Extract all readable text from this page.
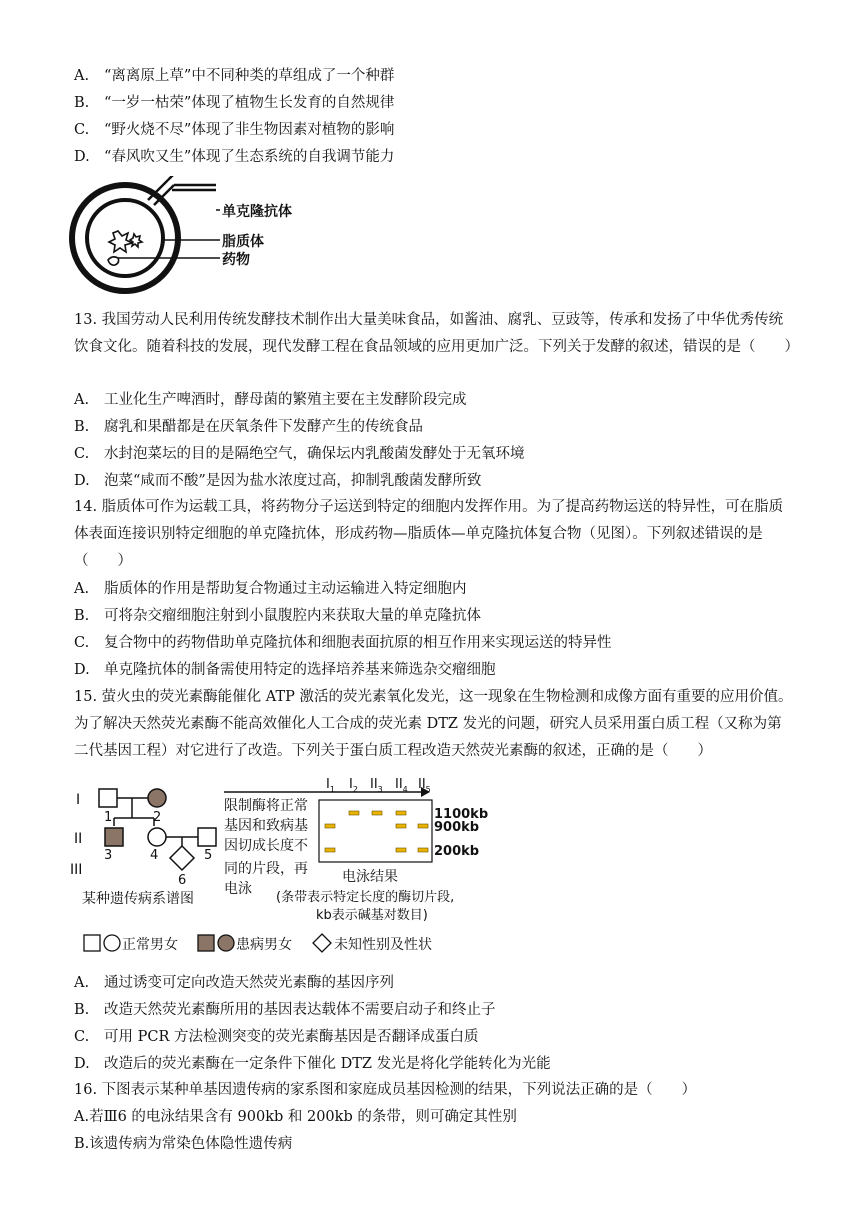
A. “离离原上草”中不同种类的草组成了一个种群
B. “一岁一枯荣”体现了植物生长发育的自然规律
C. “野火烧不尽”体现了非生物因素对植物的影响
D. “春风吹又生”体现了生态系统的自我调节能力
单克隆抗体
脂质体
药物
13. 我国劳动人民利用传统发酵技术制作出大量美味食品，如酱油、腐乳、豆豉等，传承和发扬了中华优秀传统饮食文化。随着科技的发展，现代发酵工程在食品领域的应用更加广泛。下列关于发酵的叙述，错误的是（　　）
A. 工业化生产啤酒时，酵母菌的繁殖主要在主发酵阶段完成
B. 腐乳和果醋都是在厌氧条件下发酵产生的传统食品
C. 水封泡菜坛的目的是隔绝空气，确保坛内乳酸菌发酵处于无氧环境
D. 泡菜“咸而不酸”是因为盐水浓度过高，抑制乳酸菌发酵所致
14. 脂质体可作为运载工具，将药物分子运送到特定的细胞内发挥作用。为了提高药物运送的特异性，可在脂质体表面连接识别特定细胞的单克隆抗体，形成药物—脂质体—单克隆抗体复合物（见图）。下列叙述错误的是（　　）
A. 脂质体的作用是帮助复合物通过主动运输进入特定细胞内
B. 可将杂交瘤细胞注射到小鼠腹腔内来获取大量的单克隆抗体
C. 复合物中的药物借助单克隆抗体和细胞表面抗原的相互作用来实现运送的特异性
D. 单克隆抗体的制备需使用特定的选择培养基来筛选杂交瘤细胞
15. 萤火虫的荧光素酶能催化 ATP 激活的荧光素氧化发光，这一现象在生物检测和成像方面有重要的应用价值。为了解决天然荧光素酶不能高效催化人工合成的荧光素 DTZ 发光的问题，研究人员采用蛋白质工程（又称为第二代基因工程）对它进行了改造。下列关于蛋白质工程改造天然荧光素酶的叙述，正确的是（　　）
I
II
III
1	2
3	4	5
6
某种遗传病系谱图
限制酶将正常
基因和致病基
因切成长度不
同的片段，再
电泳
$I_1$ $I_2$ $II_3$ $II_4$ $II_5$
1100kb
900kb
200kb
电泳结果
(条带表示特定长度的酶切片段,
kb表示碱基对数目)
正常男女	患病男女	未知性别及性状
A. 通过诱变可定向改造天然荧光素酶的基因序列
B. 改造天然荧光素酶所用的基因表达载体不需要启动子和终止子
C. 可用 PCR 方法检测突变的荧光素酶基因是否翻译成蛋白质
D. 改造后的荧光素酶在一定条件下催化 DTZ 发光是将化学能转化为光能
16. 下图表示某种单基因遗传病的家系图和家庭成员基因检测的结果，下列说法正确的是（　　）
A.若Ⅲ6 的电泳结果含有 900kb 和 200kb 的条带，则可确定其性别
B.该遗传病为常染色体隐性遗传病
